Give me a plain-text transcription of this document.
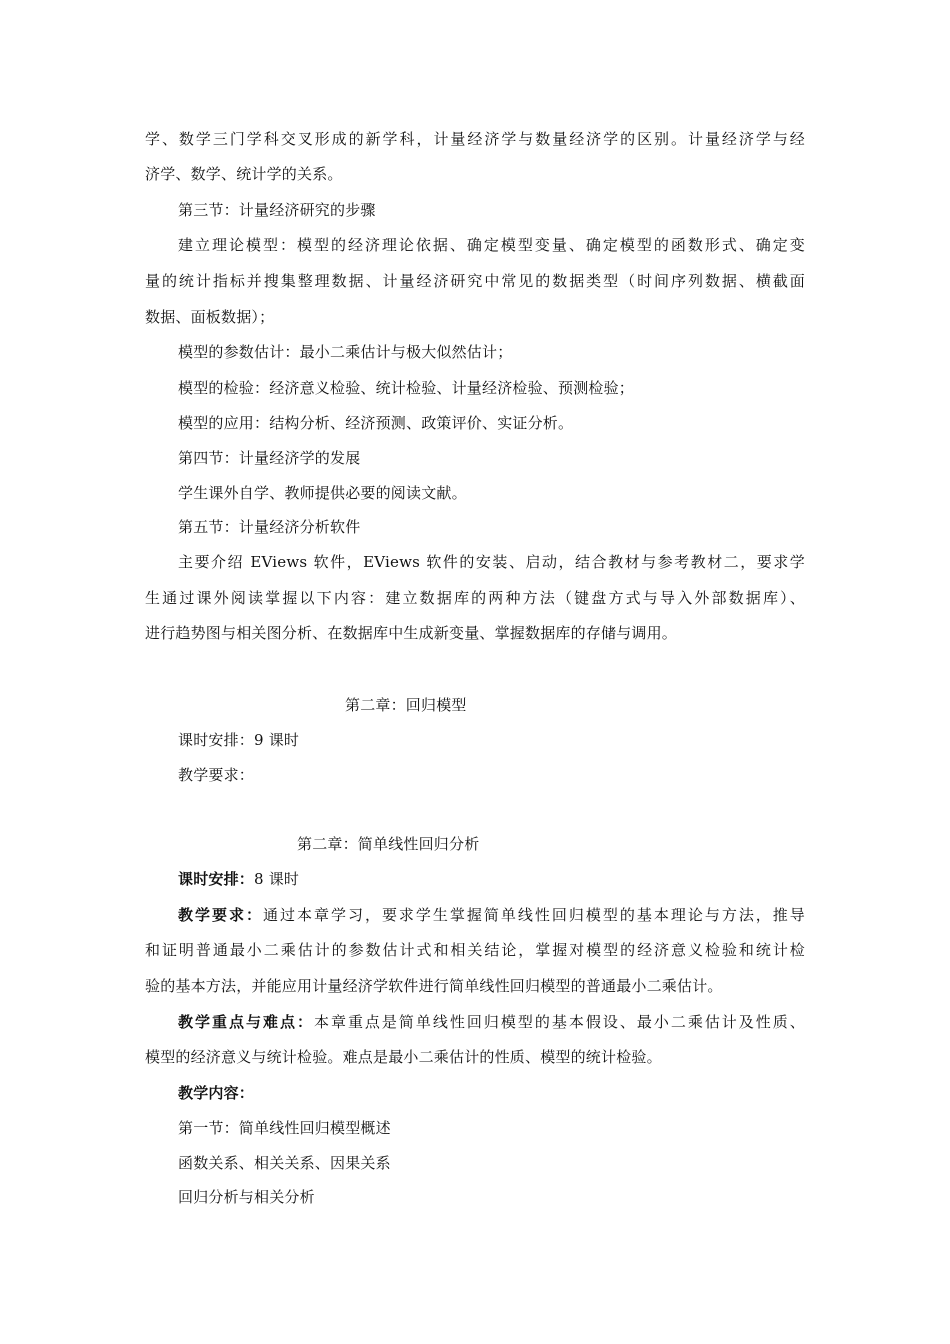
学、数学三门学科交叉形成的新学科，计量经济学与数量经济学的区别。计量经济学与经
济学、数学、统计学的关系。
第三节：计量经济研究的步骤
建立理论模型：模型的经济理论依据、确定模型变量、确定模型的函数形式、确定变
量的统计指标并搜集整理数据、计量经济研究中常见的数据类型（时间序列数据、横截面
数据、面板数据）；
模型的参数估计：最小二乘估计与极大似然估计；
模型的检验：经济意义检验、统计检验、计量经济检验、预测检验；
模型的应用：结构分析、经济预测、政策评价、实证分析。
第四节：计量经济学的发展
学生课外自学、教师提供必要的阅读文献。
第五节：计量经济分析软件
主要介绍 EViews 软件，EViews 软件的安装、启动，结合教材与参考教材二，要求学
生通过课外阅读掌握以下内容：建立数据库的两种方法（键盘方式与导入外部数据库）、
进行趋势图与相关图分析、在数据库中生成新变量、掌握数据库的存储与调用。
第二章：回归模型
课时安排：9 课时
教学要求：
第二章：简单线性回归分析
课时安排：8 课时
教学要求：通过本章学习，要求学生掌握简单线性回归模型的基本理论与方法，推导
和证明普通最小二乘估计的参数估计式和相关结论，掌握对模型的经济意义检验和统计检
验的基本方法，并能应用计量经济学软件进行简单线性回归模型的普通最小二乘估计。
教学重点与难点：本章重点是简单线性回归模型的基本假设、最小二乘估计及性质、
模型的经济意义与统计检验。难点是最小二乘估计的性质、模型的统计检验。
教学内容：
第一节：简单线性回归模型概述
函数关系、相关关系、因果关系
回归分析与相关分析
